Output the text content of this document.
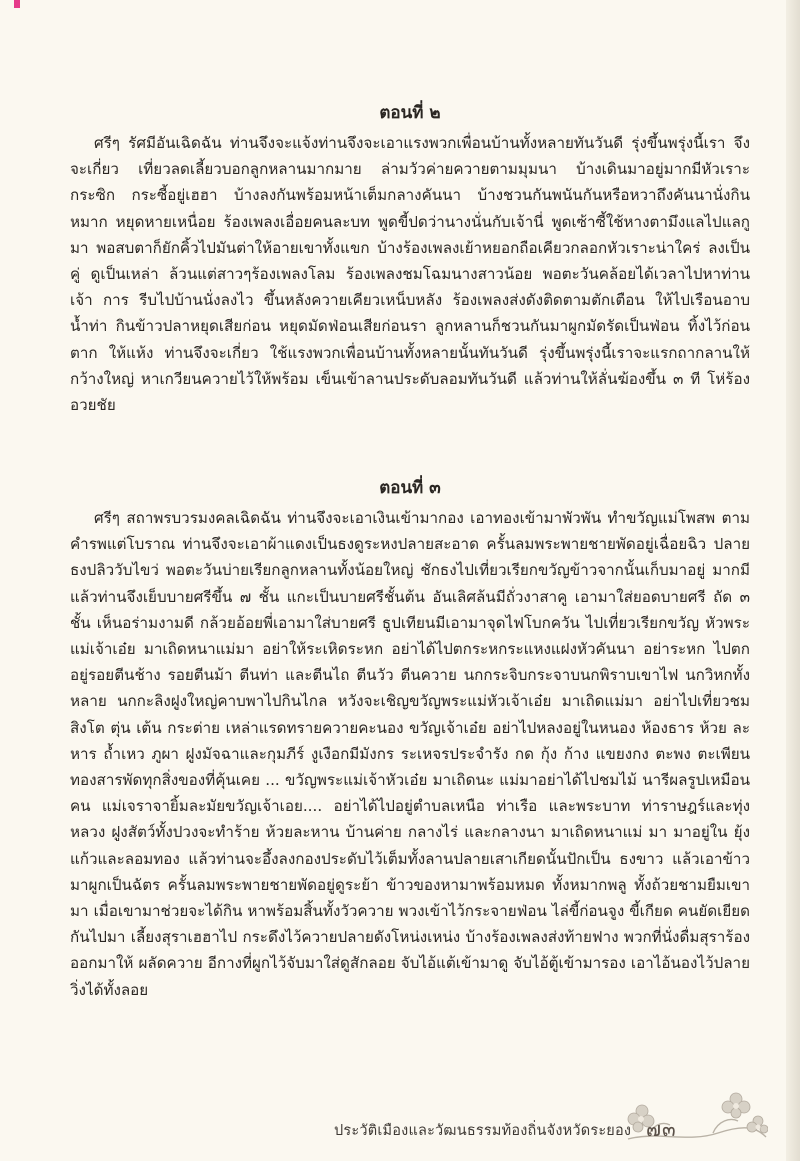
ตอนที่ ๒

ศรีๆ รัศมีอันเฉิดฉัน ท่านจึงจะแจ้งท่านจึงจะเอาแรงพวกเพื่อนบ้านทั้งหลายทันวันดี รุ่งขึ้นพรุ่งนี้เรา จึงจะเกี่ยว เที่ยวลดเลี้ยวบอกลูกหลานมากมาย ล่ามวัวค่ายควายตามมุมนา บ้างเดินมาอยู่มากมีหัวเราะกระซิก กระซี้อยู่เฮฮา บ้างลงกันพร้อมหน้าเต็มกลางคันนา บ้างชวนกันพนันกันหรือหวาถึงคันนานั่งกินหมาก หยุดหายเหนื่อย ร้องเพลงเอื่อยคนละบท พูดขี้ปดว่านางนั่นกับเจ้านี่ พูดเซ้าซี้ใช้หางตามึงแลไปแลกูมา พอสบตาก็ยักคิ้วไปมันต่าให้อายเขาทั้งแขก บ้างร้องเพลงเย้าหยอกถือเคียวกลอกหัวเราะน่าใคร่ ลงเป็นคู่ ดูเป็นเหล่า ล้วนแต่สาวๆร้องเพลงโลม ร้องเพลงชมโฉมนางสาวน้อย พอตะวันคล้อยได้เวลาไปหาท่านเจ้า การ รีบไปบ้านนั่งลงไว ขึ้นหลังควายเคียวเหน็บหลัง ร้องเพลงส่งดังติดตามตักเตือน ให้ไปเรือนอาบน้ำท่า กินข้าวปลาหยุดเสียก่อน หยุดมัดฟ่อนเสียก่อนรา ลูกหลานก็ชวนกันมาผูกมัดรัดเป็นฟ่อน ทิ้งไว้ก่อนตาก ให้แห้ง ท่านจึงจะเกี่ยว ใช้แรงพวกเพื่อนบ้านทั้งหลายนั้นทันวันดี รุ่งขึ้นพรุ่งนี้เราจะแรกถากลานให้กว้างใหญ่ หาเกวียนควายไว้ให้พร้อม เข็นเข้าลานประดับลอมทันวันดี แล้วท่านให้ลั่นฆ้องขึ้น ๓ ที โห่ร้องอวยชัย

ตอนที่ ๓

ศรีๆ สถาพรบวรมงคลเฉิดฉัน ท่านจึงจะเอาเงินเข้ามากอง เอาทองเข้ามาพัวพัน ทำขวัญแม่โพสพ ตามคำรพแต่โบราณ ท่านจึงจะเอาผ้าแดงเป็นธงดูระหงปลายสะอาด ครั้นลมพระพายชายพัดอยู่เฉื่อยฉิว ปลายธงปลิววับไขว่ พอตะวันบ่ายเรียกลูกหลานทั้งน้อยใหญ่ ชักธงไปเที่ยวเรียกขวัญข้าวจากนั้นเก็บมาอยู่ มากมี แล้วท่านจึงเย็บบายศรีขึ้น ๗ ชั้น แกะเป็นบายศรีชั้นต้น อันเลิศล้นมีถั่วงาสาคู เอามาใส่ยอดบายศรี ถัด ๓ ชั้น เห็นอร่ามงามดี กล้วยอ้อยพี่เอามาใส่บายศรี ธูปเทียนมีเอามาจุดไฟโบกควัน ไปเที่ยวเรียกขวัญ หัวพระแม่เจ้าเอ๋ย มาเถิดหนาแม่มา อย่าให้ระเหิดระหก อย่าได้ไปตกระหกระแหงแฝงหัวคันนา อย่าระหก ไปตกอยู่รอยตีนช้าง รอยตีนม้า ตีนท่า และตีนไถ ตีนวัว ตีนควาย นกกระจิบกระจาบนกพิราบเขาไฟ นกวิหกทั้งหลาย นกกะลิงฝูงใหญ่คาบพาไปกินไกล หวังจะเชิญขวัญพระแม่หัวเจ้าเอ๋ย มาเถิดแม่มา อย่าไปเที่ยวชมสิงโต ตุ่น เต้น กระต่าย เหล่าแรดทรายควายคะนอง ขวัญเจ้าเอ๋ย อย่าไปหลงอยู่ในหนอง ห้องธาร ห้วย ละหาร ถ้ำเหว ภูผา ฝูงมัจฉาและกุมภีร์ งูเงือกมีมังกร ระเหจรประจำรัง กด กุ้ง ก้าง แขยงกง ตะพง ตะเพียนทองสารพัดทุกสิ่งของที่คุ้นเคย ... ขวัญพระแม่เจ้าหัวเอ๋ย มาเถิดนะ แม่มาอย่าได้ไปชมไม้ นารีผลรูปเหมือนคน แม่เจราจายิ้มละมัยขวัญเจ้าเอย.... อย่าได้ไปอยู่ตำบลเหนือ ท่าเรือ และพระบาท ท่าราษฎร์และทุ่งหลวง ฝูงสัตว์ทั้งปวงจะทำร้าย ห้วยละหาน บ้านค่าย กลางไร่ และกลางนา มาเถิดหนาแม่ มา มาอยู่ใน ยุ้งแก้วและลอมทอง แล้วท่านจะอึ้งลงกองประดับไว้เต็มทั้งลานปลายเสาเกียดนั้นปักเป็น ธงขาว แล้วเอาข้าวมาผูกเป็นฉัตร ครั้นลมพระพายชายพัดอยู่ดูระย้า ข้าวของหามาพร้อมหมด ทั้งหมากพลู ทั้งถ้วยชามยืมเขามา เมื่อเขามาช่วยจะได้กิน หาพร้อมสิ้นทั้งวัวควาย พวงเข้าไว้กระจายฟ่อน ไล่ขี้ก่อนจูง ขี้เกียด คนยัดเยียดกันไปมา เลี้ยงสุราเฮฮาไป กระดึงไว้ควายปลายดังโหน่งเหน่ง บ้างร้องเพลงส่งท้ายฟาง พวกที่นั่งดื่มสุราร้องออกมาให้ ผลัดควาย อีกางที่ผูกไว้จับมาใส่ดูสักลอย จับไอ้แต้เข้ามาดู จับไอ้ตู้เข้ามารอง เอาไอ้นองไว้ปลายวิ่งได้ทั้งลอย

ประวัติเมืองและวัฒนธรรมท้องถิ่นจังหวัดระยอง ๗๓
